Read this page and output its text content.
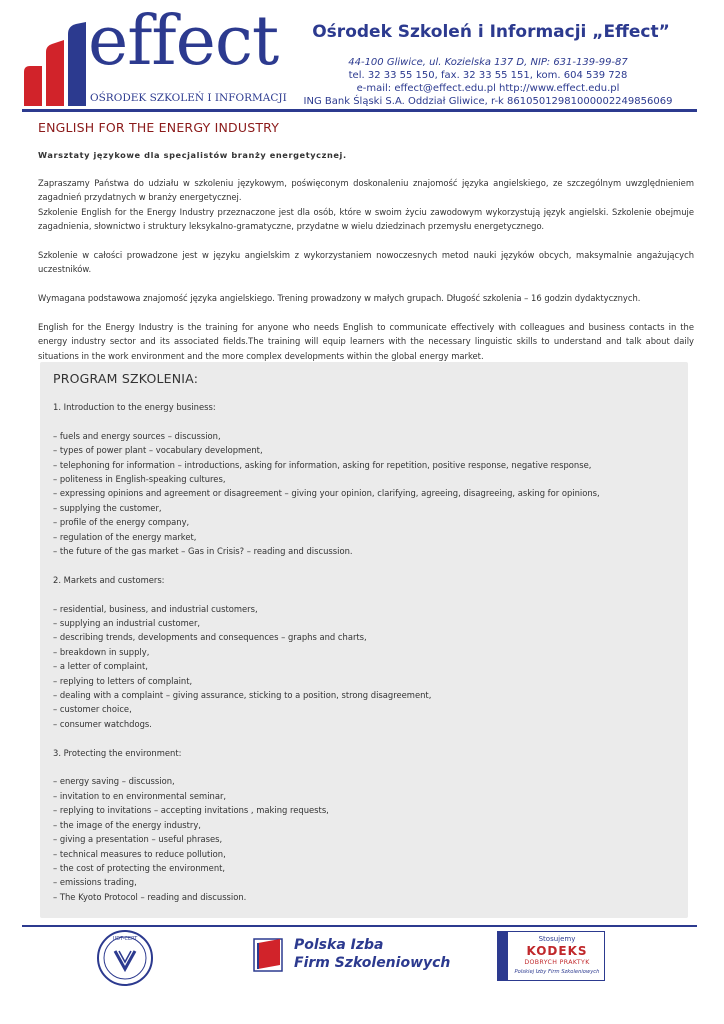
effect
OŚRODEK SZKOLEŃ I INFORMACJI
Ośrodek Szkoleń i Informacji „Effect”
44-100 Gliwice, ul. Kozielska 137 D, NIP: 631-139-99-87
tel. 32 33 55 150, fax. 32 33 55 151, kom. 604 539 728
e-mail: effect@effect.edu.pl http://www.effect.edu.pl
ING Bank Śląski S.A. Oddział Gliwice, r-k 86105012981000002249856069
ENGLISH FOR THE ENERGY INDUSTRY
Warsztaty językowe dla specjalistów branży energetycznej.

Zapraszamy Państwa do udziału w szkoleniu językowym, poświęconym doskonaleniu znajomość języka angielskiego, ze szczególnym uwzględnieniem zagadnień przydatnych w branży energetycznej.

Szkolenie English for the Energy Industry przeznaczone jest dla osób, które w swoim życiu zawodowym wykorzystują język angielski. Szkolenie obejmuje zagadnienia, słownictwo i struktury leksykalno-gramatyczne, przydatne w wielu dziedzinach przemysłu energetycznego.

Szkolenie w całości prowadzone jest w języku angielskim z wykorzystaniem nowoczesnych metod nauki języków obcych, maksymalnie angażujących uczestników.

Wymagana podstawowa znajomość języka angielskiego. Trening prowadzony w małych grupach. Długość szkolenia – 16 godzin dydaktycznych.

English for the Energy Industry is the training for anyone who needs English to communicate effectively with colleagues and business contacts in the energy industry sector and its associated fields.The training will equip learners with the necessary linguistic skills to understand and talk about daily situations in the work environment and the more complex developments within the global energy market.

PROGRAM SZKOLENIA:
1. Introduction to the energy business:
– fuels and energy sources – discussion,
– types of power plant – vocabulary development,
– telephoning for information – introductions, asking for information, asking for repetition, positive response, negative response,
– politeness in English-speaking cultures,
– expressing opinions and agreement or disagreement – giving your opinion, clarifying, agreeing, disagreeing, asking for opinions,
– supplying the customer,
– profile of the energy company,
– regulation of the energy market,
– the future of the gas market – Gas in Crisis? – reading and discussion.
2. Markets and customers:
– residential, business, and industrial customers,
– supplying an industrial customer,
– describing trends, developments and consequences – graphs and charts,
– breakdown in supply,
– a letter of complaint,
– replying to letters of complaint,
– dealing with a complaint – giving assurance, sticking to a position, strong disagreement,
– customer choice,
– consumer watchdogs.
3. Protecting the environment:
– energy saving – discussion,
– invitation to en environmental seminar,
– replying to invitations – accepting invitations , making requests,
– the image of the energy industry,
– giving a presentation – useful phrases,
– technical measures to reduce pollution,
– the cost of protecting the environment,
– emissions trading,
– The Kyoto Protocol – reading and discussion.
UDT-CERT	Polska Izba
Firm Szkoleniowych
Stosujemy
KODEKS
DOBRYCH PRAKTYK
Polskiej Izby Firm Szkoleniowych
